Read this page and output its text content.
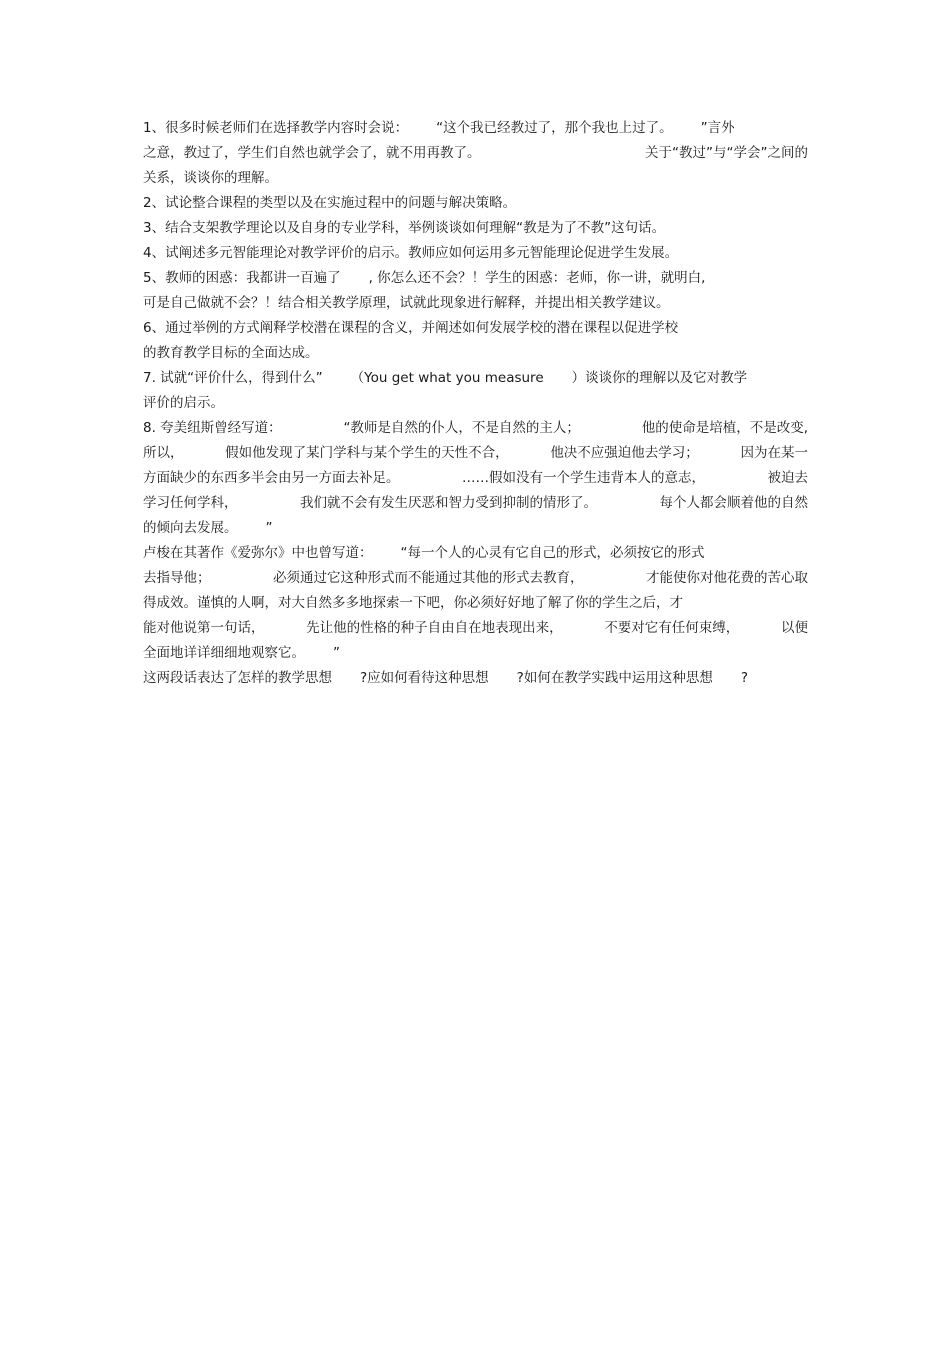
1、很多时候老师们在选择教学内容时会说： “这个我已经教过了，那个我也上过了。 ”言外
之意，教过了，学生们自然也就学会了，就不用再教了。	关于“教过”与“学会”之间的
关系，谈谈你的理解。
2、试论整合课程的类型以及在实施过程中的问题与解决策略。
3、结合支架教学理论以及自身的专业学科，举例谈谈如何理解“教是为了不教”这句话。
4、试阐述多元智能理论对教学评价的启示。教师应如何运用多元智能理论促进学生发展。
5、教师的困惑：我都讲一百遍了 , 你怎么还不会？！学生的困惑：老师，你一讲，就明白,
可是自己做就不会？！结合相关教学原理，试就此现象进行解释，并提出相关教学建议。
6、通过举例的方式阐释学校潜在课程的含义，并阐述如何发展学校的潜在课程以促进学校
的教育教学目标的全面达成。
7. 试就“评价什么，得到什么” （You get what you measure ）谈谈你的理解以及它对教学
评价的启示。
8. 夸美纽斯曾经写道：	“教师是自然的仆人，不是自然的主人；	他的使命是培植，不是改变,
所以，	假如他发现了某门学科与某个学生的天性不合，	他决不应强迫他去学习；	因为在某一
方面缺少的东西多半会由另一方面去补足。	……假如没有一个学生违背本人的意志，	被迫去
学习任何学科，	我们就不会有发生厌恶和智力受到抑制的情形了。	每个人都会顺着他的自然
的倾向去发展。 ”
卢梭在其著作《爱弥尔》中也曾写道： “每一个人的心灵有它自己的形式，必须按它的形式
去指导他；	必须通过它这种形式而不能通过其他的形式去教育，	才能使你对他花费的苦心取
得成效。谨慎的人啊，对大自然多多地探索一下吧，你必须好好地了解了你的学生之后，才
能对他说第一句话，	先让他的性格的种子自由自在地表现出来，	不要对它有任何束缚，	以便
全面地详详细细地观察它。 ”
这两段话表达了怎样的教学思想 ?应如何看待这种思想 ?如何在教学实践中运用这种思想 ?
